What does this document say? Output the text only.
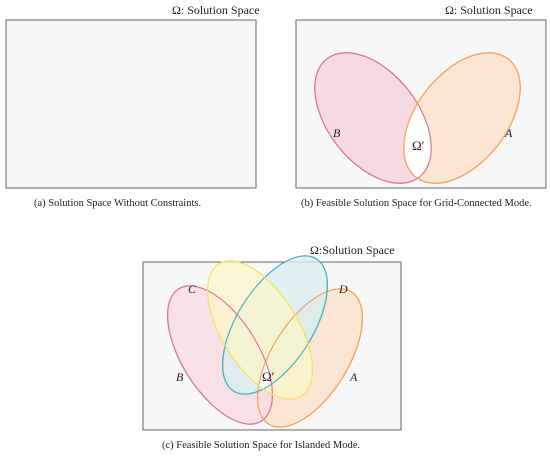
Ω: Solution Space	Ω: Solution Space
Ω:Solution Space
B	A
Ω′
C	D
B	A
Ω′
(a) Solution Space Without Constraints.	(b) Feasible Solution Space for Grid-Connected Mode.
(c) Feasible Solution Space for Islanded Mode.
